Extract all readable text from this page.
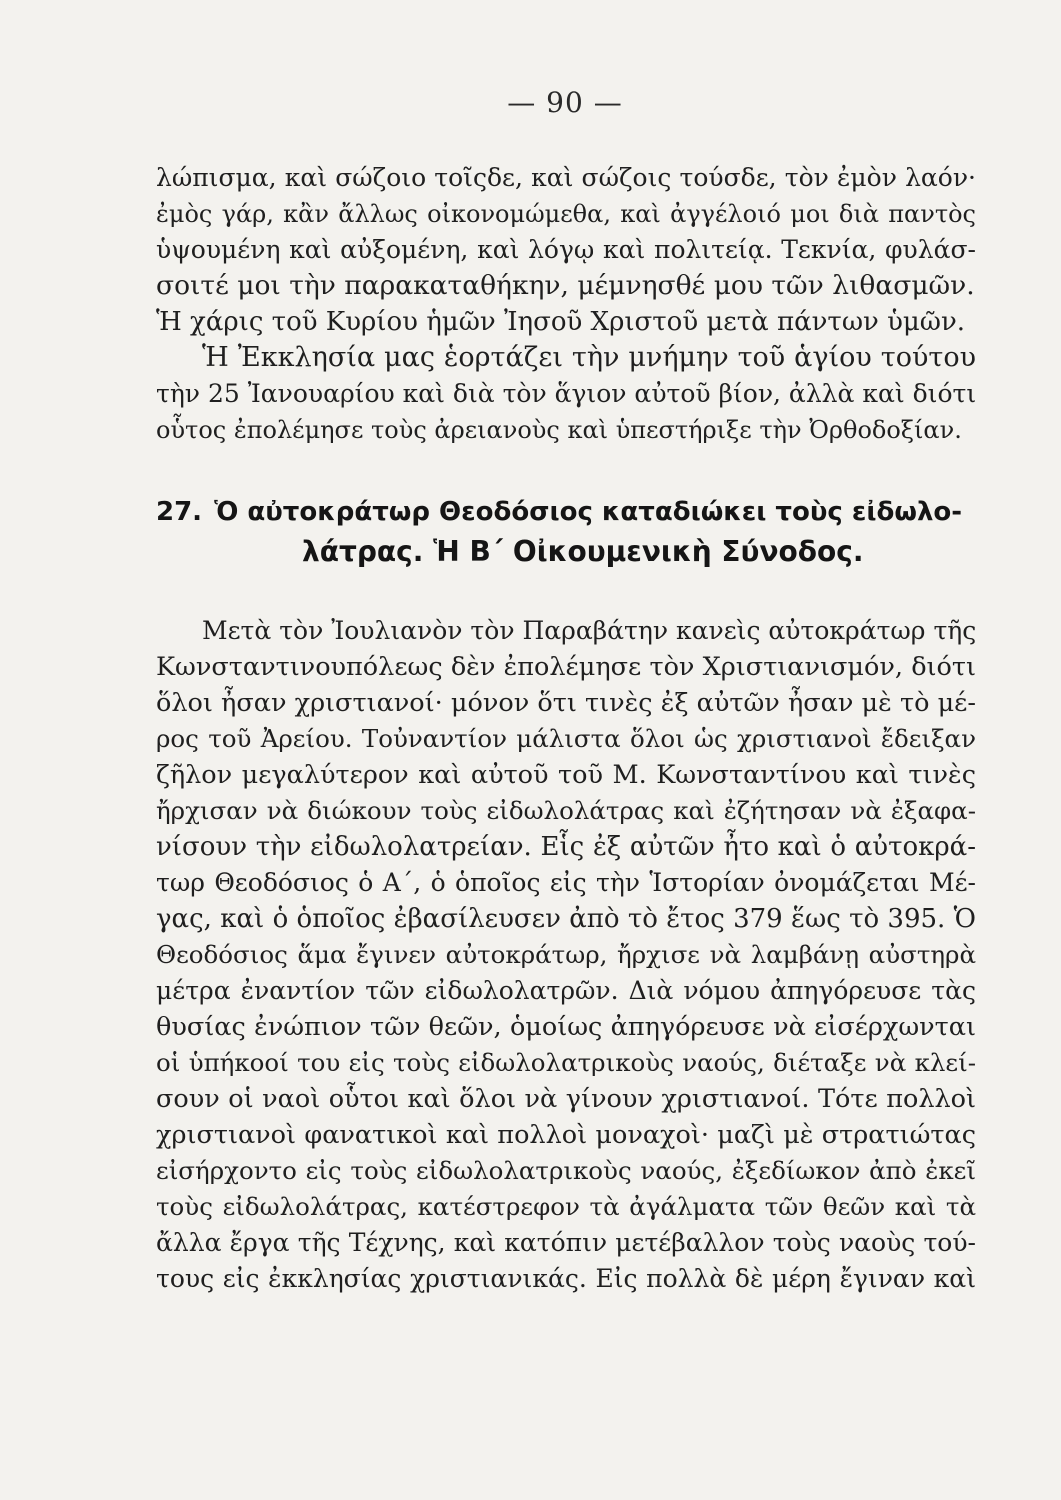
— 90 —
λώπισμα, καὶ σώζοιο τοῖςδε, καὶ σώζοις τούσδε, τὸν ἐμὸν λαόν·
ἐμὸς γάρ, κἂν ἄλλως οἰκονομώμεθα, καὶ ἀγγέλοιό μοι διὰ παντὸς
ὑψουμένη καὶ αὐξομένη, καὶ λόγῳ καὶ πολιτείᾳ. Τεκνία, φυλάσ-
σοιτέ μοι τὴν παρακαταθήκην, μέμνησθέ μου τῶν λιθασμῶν.
Ἡ χάρις τοῦ Κυρίου ἡμῶν Ἰησοῦ Χριστοῦ μετὰ πάντων ὑμῶν.
Ἡ Ἐκκλησία μας ἑορτάζει τὴν μνήμην τοῦ ἁγίου τούτου
τὴν 25 Ἰανουαρίου καὶ διὰ τὸν ἅγιον αὐτοῦ βίον, ἀλλὰ καὶ διότι
οὗτος ἐπολέμησε τοὺς ἀρειανοὺς καὶ ὑπεστήριξε τὴν Ὀρθοδοξίαν.
27. Ὁ αὐτοκράτωρ Θεοδόσιος καταδιώκει τοὺς εἰδωλο-
λάτρας. Ἡ Β΄ Οἰκουμενικὴ Σύνοδος.
Μετὰ τὸν Ἰουλιανὸν τὸν Παραβάτην κανεὶς αὐτοκράτωρ τῆς
Κωνσταντινουπόλεως δὲν ἐπολέμησε τὸν Χριστιανισμόν, διότι
ὅλοι ἦσαν χριστιανοί· μόνον ὅτι τινὲς ἐξ αὐτῶν ἦσαν μὲ τὸ μέ-
ρος τοῦ Ἀρείου. Τοὐναντίον μάλιστα ὅλοι ὡς χριστιανοὶ ἔδειξαν
ζῆλον μεγαλύτερον καὶ αὐτοῦ τοῦ Μ. Κωνσταντίνου καὶ τινὲς
ἤρχισαν νὰ διώκουν τοὺς εἰδωλολάτρας καὶ ἐζήτησαν νὰ ἐξαφα-
νίσουν τὴν εἰδωλολατρείαν. Εἷς ἐξ αὐτῶν ἦτο καὶ ὁ αὐτοκρά-
τωρ Θεοδόσιος ὁ Α΄, ὁ ὁποῖος εἰς τὴν Ἱστορίαν ὀνομάζεται Μέ-
γας, καὶ ὁ ὁποῖος ἐβασίλευσεν ἀπὸ τὸ ἔτος 379 ἕως τὸ 395. Ὁ
Θεοδόσιος ἅμα ἔγινεν αὐτοκράτωρ, ἤρχισε νὰ λαμβάνῃ αὐστηρὰ
μέτρα ἐναντίον τῶν εἰδωλολατρῶν. Διὰ νόμου ἀπηγόρευσε τὰς
θυσίας ἐνώπιον τῶν θεῶν, ὁμοίως ἀπηγόρευσε νὰ εἰσέρχωνται
οἱ ὑπήκοοί του εἰς τοὺς εἰδωλολατρικοὺς ναούς, διέταξε νὰ κλεί-
σουν οἱ ναοὶ οὗτοι καὶ ὅλοι νὰ γίνουν χριστιανοί. Τότε πολλοὶ
χριστιανοὶ φανατικοὶ καὶ πολλοὶ μοναχοὶ· μαζὶ μὲ στρατιώτας
εἰσήρχοντο εἰς τοὺς εἰδωλολατρικοὺς ναούς, ἐξεδίωκον ἀπὸ ἐκεῖ
τοὺς εἰδωλολάτρας, κατέστρεφον τὰ ἀγάλματα τῶν θεῶν καὶ τὰ
ἄλλα ἔργα τῆς Τέχνης, καὶ κατόπιν μετέβαλλον τοὺς ναοὺς τού-
τους εἰς ἐκκλησίας χριστιανικάς. Εἰς πολλὰ δὲ μέρη ἔγιναν καὶ
